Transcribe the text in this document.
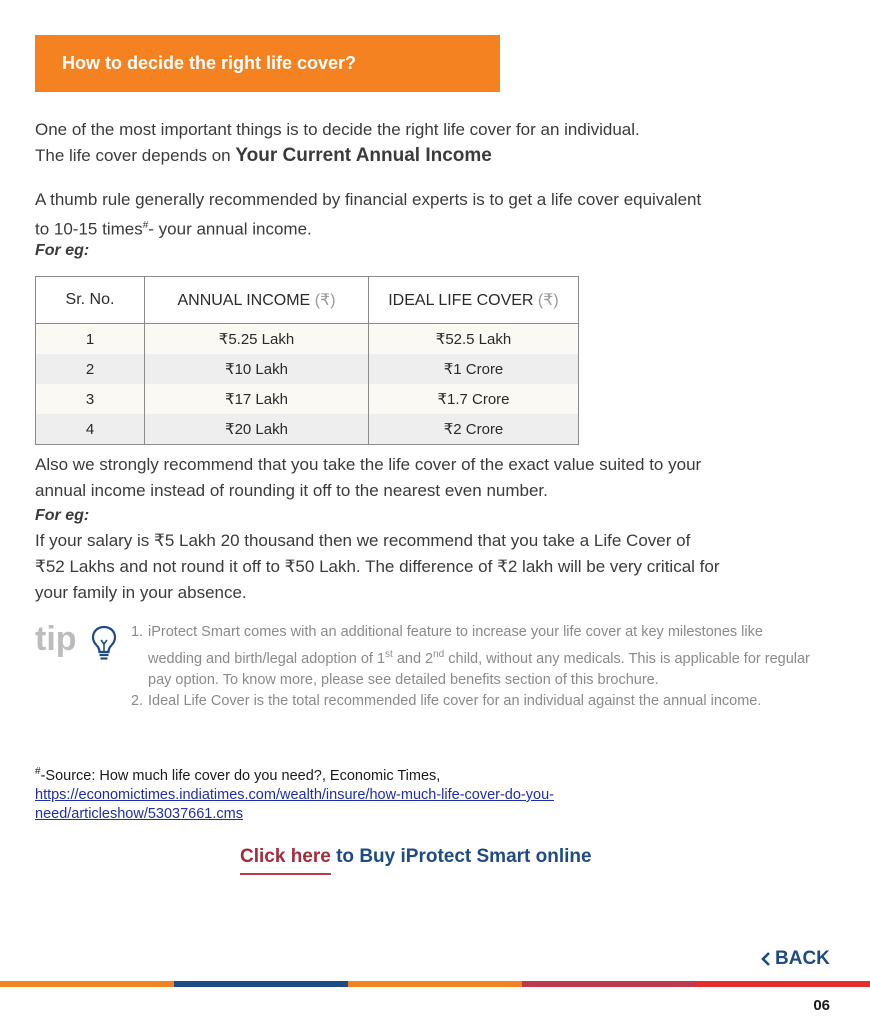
How to decide the right life cover?
One of the most important things is to decide the right life cover for an individual.
The life cover depends on Your Current Annual Income
A thumb rule generally recommended by financial experts is to get a life cover equivalent
to 10-15 times#- your annual income.
For eg:
Sr. No.	ANNUAL INCOME (₹)	IDEAL LIFE COVER (₹)
1	₹5.25 Lakh	₹52.5 Lakh
2	₹10 Lakh	₹1 Crore
3	₹17 Lakh	₹1.7 Crore
4	₹20 Lakh	₹2 Crore
Also we strongly recommend that you take the life cover of the exact value suited to your
annual income instead of rounding it off to the nearest even number.
For eg:
If your salary is ₹5 Lakh 20 thousand then we recommend that you take a Life Cover of
₹52 Lakhs and not round it off to ₹50 Lakh. The difference of ₹2 lakh will be very critical for
your family in your absence.
tip	1. iProtect Smart comes with an additional feature to increase your life cover at key milestones like wedding and birth/legal adoption of 1st and 2nd child, without any medicals. This is applicable for regular pay option. To know more, please see detailed benefits section of this brochure.
2. Ideal Life Cover is the total recommended life cover for an individual against the annual income.
#-Source: How much life cover do you need?, Economic Times, https://economictimes.indiatimes.com/wealth/insure/how-much-life-cover-do-you-need/articleshow/53037661.cms
Click here to Buy iProtect Smart online
BACK
06
